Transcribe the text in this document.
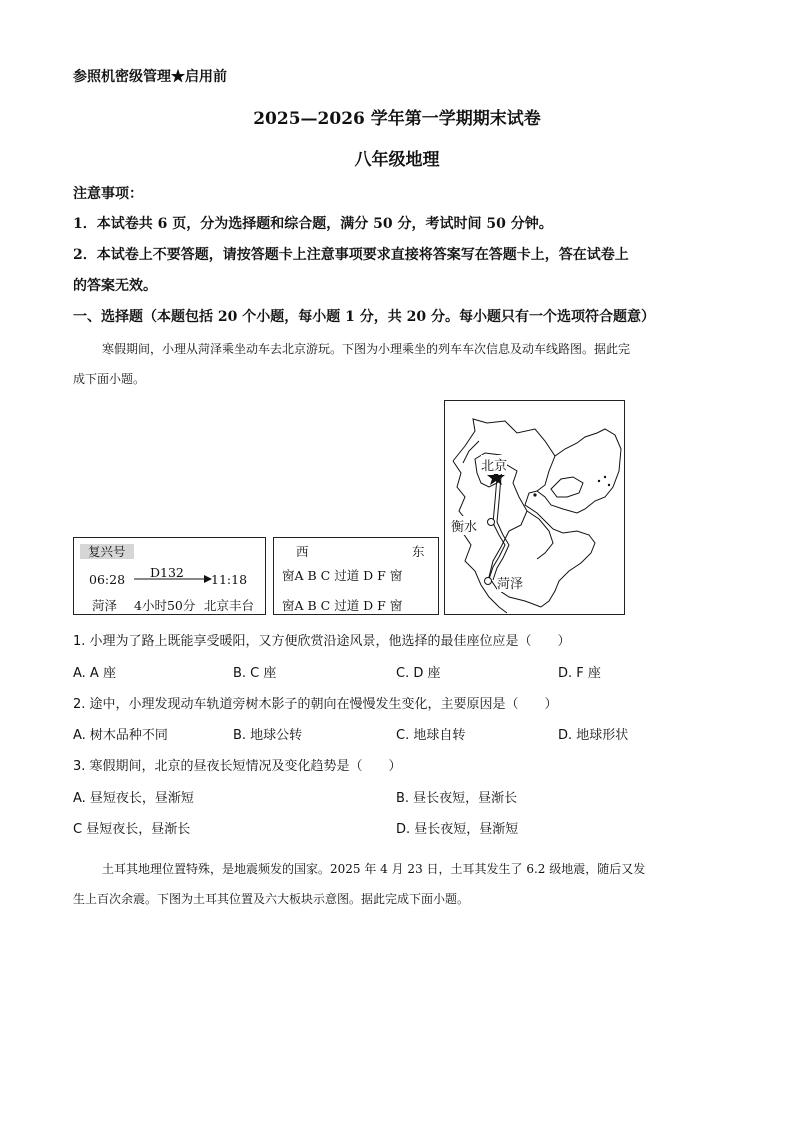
参照机密级管理★启用前
2025—2026 学年第一学期期末试卷
八年级地理
注意事项：
1．本试卷共 6 页，分为选择题和综合题，满分 50 分，考试时间 50 分钟。
2．本试卷上不要答题，请按答题卡上注意事项要求直接将答案写在答题卡上，答在试卷上
的答案无效。
一、选择题（本题包括 20 个小题，每小题 1 分，共 20 分。每小题只有一个选项符合题意）
寒假期间，小理从菏泽乘坐动车去北京游玩。下图为小理乘坐的列车车次信息及动车线路图。据此完
成下面小题。
复兴号
06:28 D132 11:18
菏泽 4小时50分 北京丰台
西	东
窗A B C 过道 D F 窗
窗A B C 过道 D F 窗
北京
衡水
菏泽
1. 小理为了路上既能享受暖阳，又方便欣赏沿途风景，他选择的最佳座位应是（　　）
A. A 座	B. C 座	C. D 座	D. F 座
2. 途中，小理发现动车轨道旁树木影子的朝向在慢慢发生变化，主要原因是（　　）
A. 树木品种不同	B. 地球公转	C. 地球自转	D. 地球形状
3. 寒假期间，北京的昼夜长短情况及变化趋势是（　　）
A. 昼短夜长，昼渐短	B. 昼长夜短，昼渐长
C 昼短夜长，昼渐长	D. 昼长夜短，昼渐短
土耳其地理位置特殊，是地震频发的国家。2025 年 4 月 23 日，土耳其发生了 6.2 级地震，随后又发
生上百次余震。下图为土耳其位置及六大板块示意图。据此完成下面小题。
